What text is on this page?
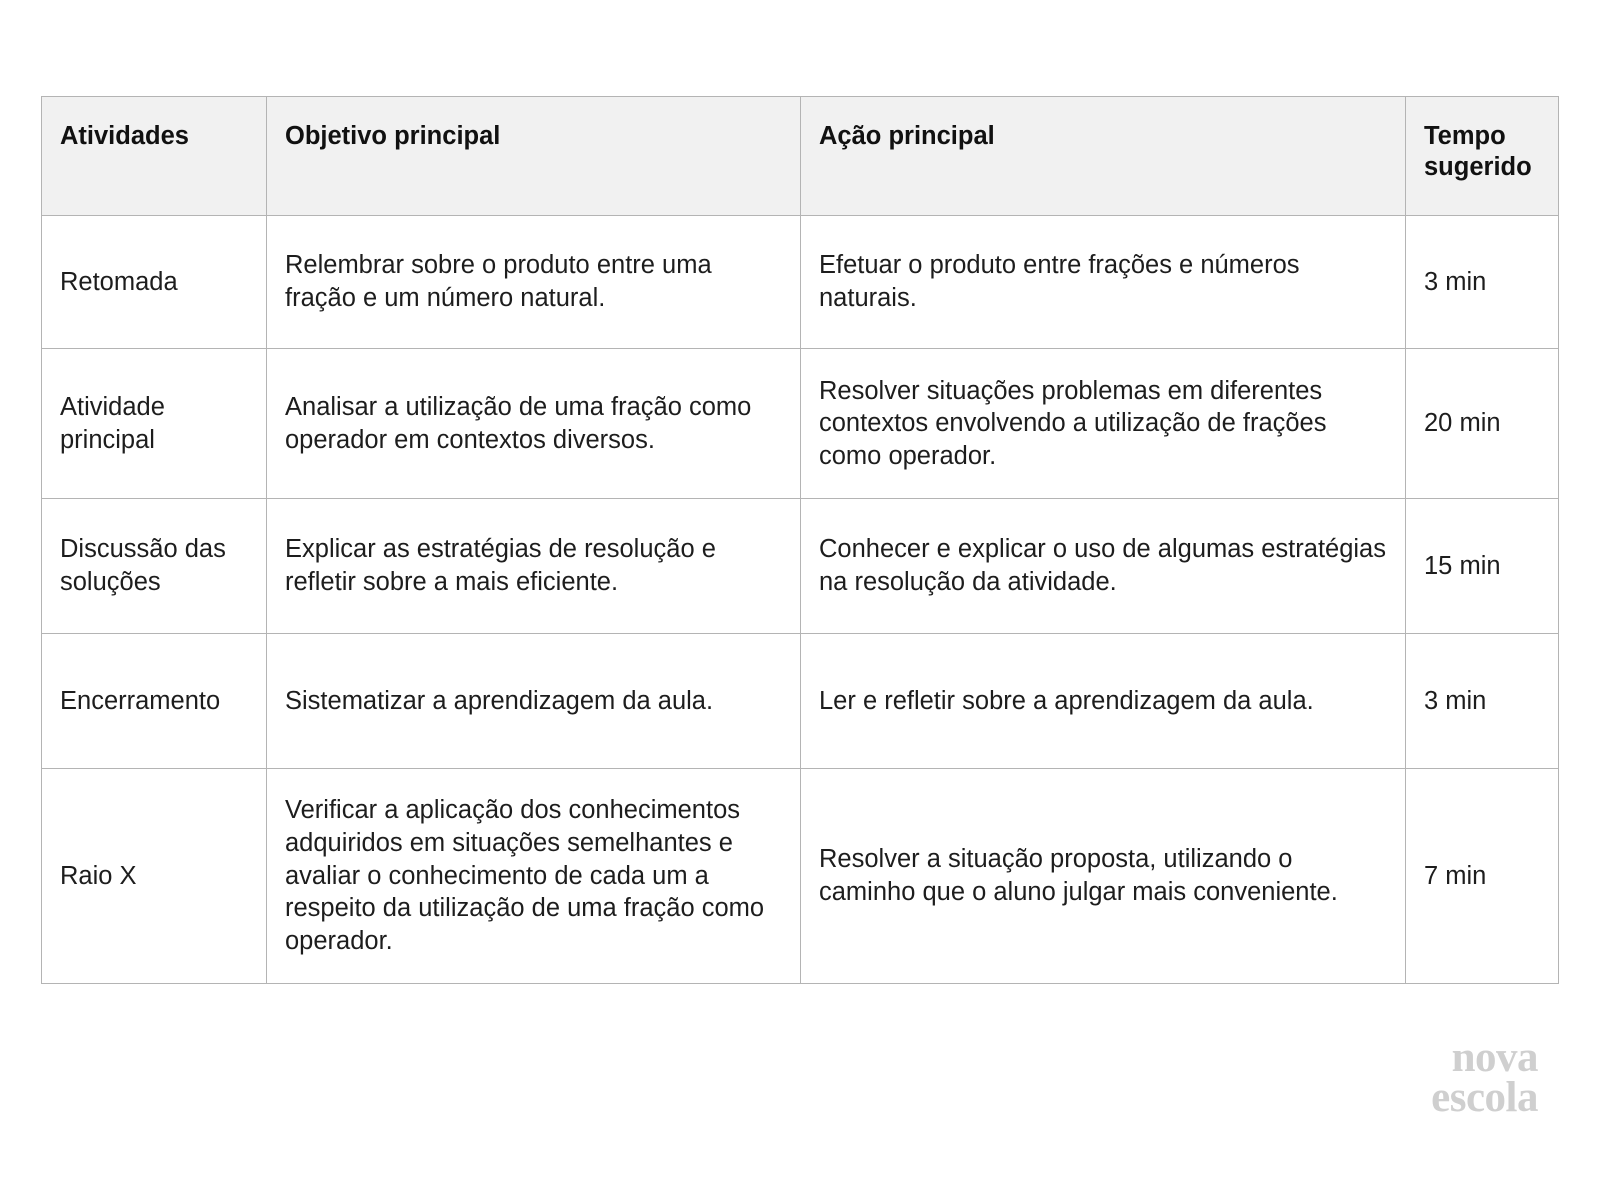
Atividades	Objetivo principal	Ação principal	Tempo
sugerido
Retomada	Relembrar sobre o produto entre uma fração e um número natural.	Efetuar o produto entre frações e números naturais.	3 min
Atividade principal	Analisar a utilização de uma fração como operador em contextos diversos.	Resolver situações problemas em diferentes contextos envolvendo a utilização de frações como operador.	20 min
Discussão das soluções	Explicar as estratégias de resolução e refletir sobre a mais eficiente.	Conhecer e explicar o uso de algumas estratégias na resolução da atividade.	15 min
Encerramento	Sistematizar a aprendizagem da aula.	Ler e refletir sobre a aprendizagem da aula.	3 min
Raio X	Verificar a aplicação dos conhecimentos adquiridos em situações semelhantes e avaliar o conhecimento de cada um a respeito da utilização de uma fração como operador.	Resolver a situação proposta, utilizando o caminho que o aluno julgar mais conveniente.	7 min
nova
escola
